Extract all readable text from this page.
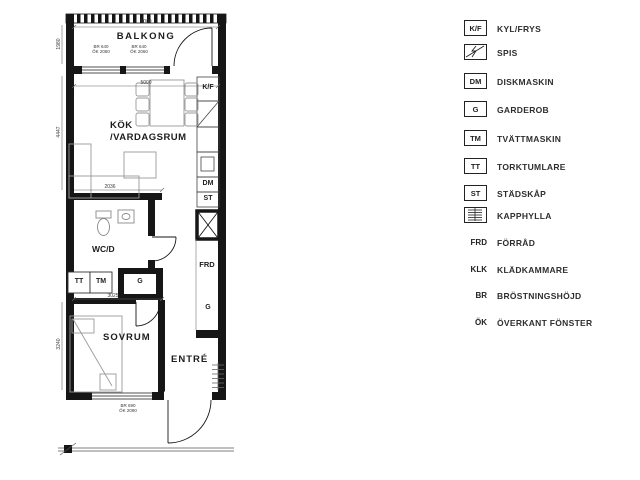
BALKONG
KÖK
/VARDAGSRUM
WC/D
SOVRUM
ENTRÉ
K/F
DM
ST
TT TM	G
FRD
G
5000
1980
5000
4447
2036
3025
3240
BR 640
ÖK 2060
BR 640
ÖK 2060
BR 690
ÖK 2090
K/F	KYL/FRYS
SPIS
DM	DISKMASKIN
G	GARDEROB
TM	TVÄTTMASKIN
TT	TORKTUMLARE
ST	STÄDSKÅP
KAPPHYLLA
FRD FÖRRÅD
KLK KLÄDKAMMARE
BR BRÖSTNINGSHÖJD
ÖK ÖVERKANT FÖNSTER
